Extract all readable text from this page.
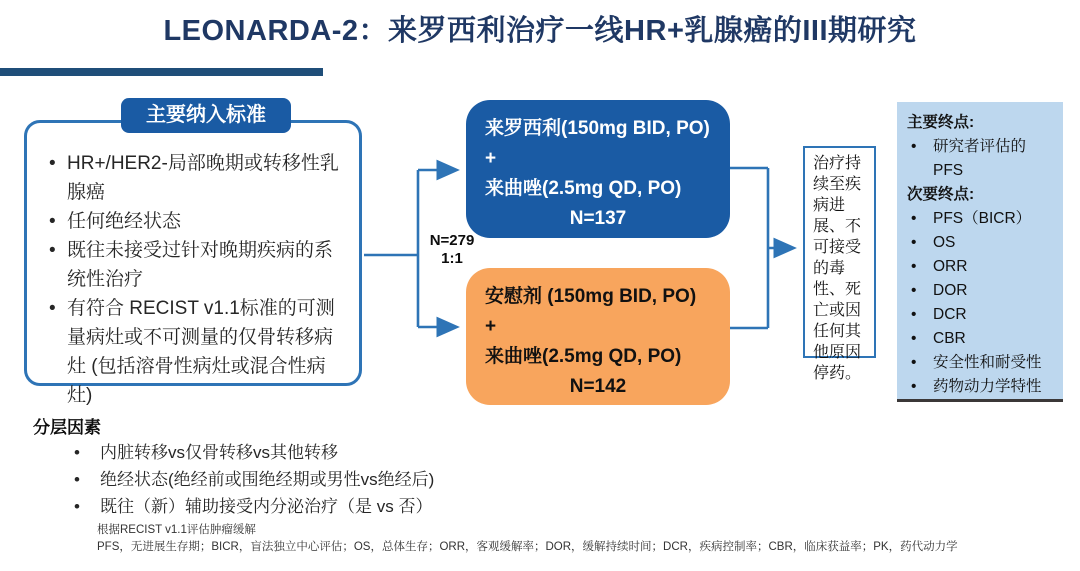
LEONARDA-2：来罗西利治疗一线HR+乳腺癌的III期研究
主要纳入标准
• HR+/HER2-局部晚期或转移性乳腺癌
• 任何绝经状态
• 既往未接受过针对晚期疾病的系统性治疗
• 有符合 RECIST v1.1标准的可测量病灶或不可测量的仅骨转移病灶 (包括溶骨性病灶或混合性病灶)
N=279
1:1
来罗西利(150mg BID, PO)
+
来曲唑(2.5mg QD, PO)
N=137
安慰剂 (150mg BID, PO)
+
来曲唑(2.5mg QD, PO)
N=142
治疗持续至疾病进展、不可接受的毒性、死亡或因任何其他原因停药。
主要终点:
•	研究者评估的 PFS
次要终点:
•	PFS（BICR）
•	OS
•	ORR
•	DOR
•	DCR
•	CBR
•	安全性和耐受性
•	药物动力学特性
分层因素
• 内脏转移vs仅骨转移vs其他转移
• 绝经状态(绝经前或围绝经期或男性vs绝经后)
• 既往（新）辅助接受内分泌治疗（是 vs 否）
根据RECIST v1.1评估肿瘤缓解
PFS，无进展生存期；BICR，盲法独立中心评估；OS，总体生存；ORR，客观缓解率；DOR，缓解持续时间；DCR，疾病控制率；CBR，临床获益率；PK，药代动力学
